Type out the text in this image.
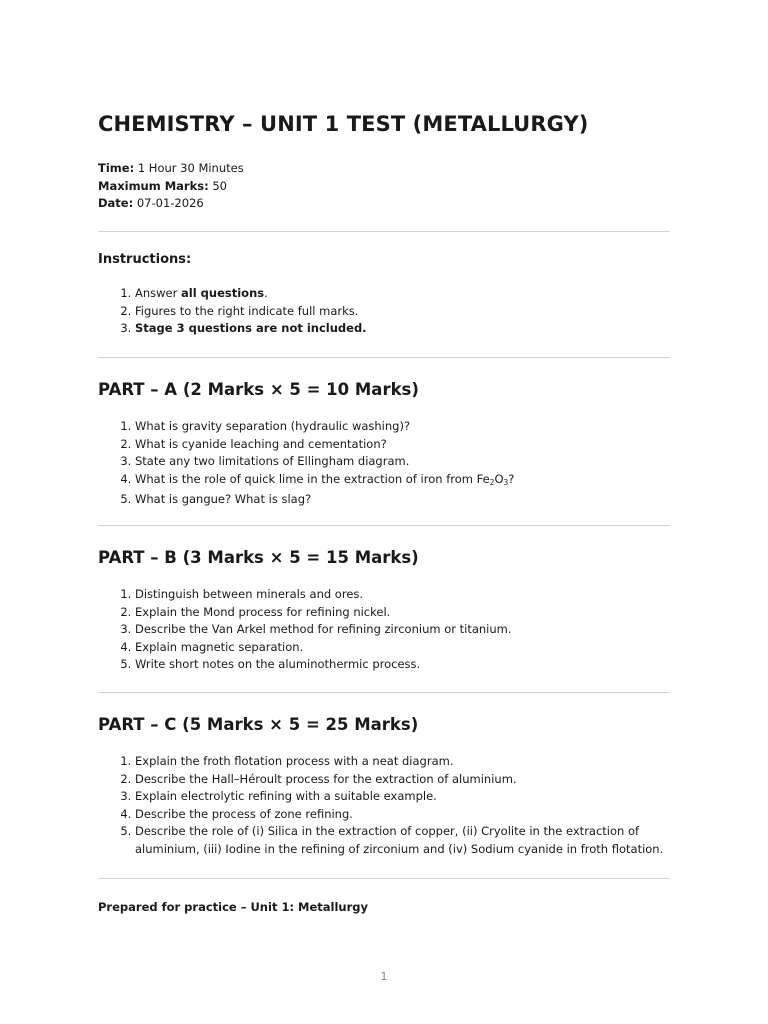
CHEMISTRY – UNIT 1 TEST (METALLURGY)
Time: 1 Hour 30 Minutes
Maximum Marks: 50
Date: 07-01-2026
Instructions:
1. Answer all questions.
2. Figures to the right indicate full marks.
3. Stage 3 questions are not included.
PART – A (2 Marks × 5 = 10 Marks)
1. What is gravity separation (hydraulic washing)?
2. What is cyanide leaching and cementation?
3. State any two limitations of Ellingham diagram.
4. What is the role of quick lime in the extraction of iron from $Fe_2O_3$?
5. What is gangue? What is slag?
PART – B (3 Marks × 5 = 15 Marks)
1. Distinguish between minerals and ores.
2. Explain the Mond process for refining nickel.
3. Describe the Van Arkel method for refining zirconium or titanium.
4. Explain magnetic separation.
5. Write short notes on the aluminothermic process.
PART – C (5 Marks × 5 = 25 Marks)
1. Explain the froth flotation process with a neat diagram.
2. Describe the Hall–Héroult process for the extraction of aluminium.
3. Explain electrolytic refining with a suitable example.
4. Describe the process of zone refining.
5. Describe the role of (i) Silica in the extraction of copper, (ii) Cryolite in the extraction of aluminium, (iii) Iodine in the refining of zirconium and (iv) Sodium cyanide in froth flotation.
Prepared for practice – Unit 1: Metallurgy
1
